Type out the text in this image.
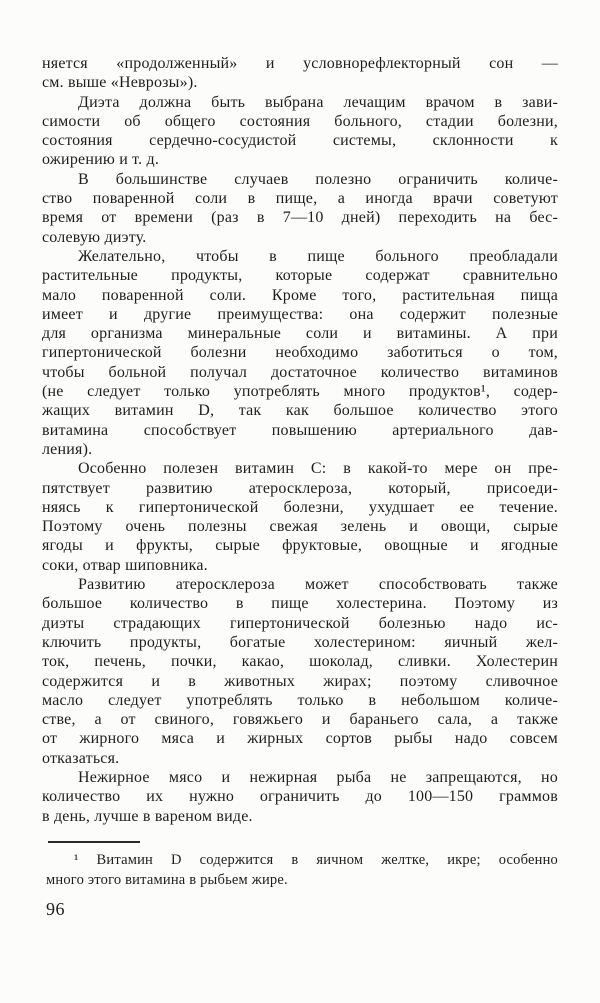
няется «продолженный» и условнорефлекторный сон —
см. выше «Неврозы»).
Диэта должна быть выбрана лечащим врачом в зави-
симости об общего состояния больного, стадии болезни,
состояния сердечно-сосудистой системы, склонности к
ожирению и т. д.
В большинстве случаев полезно ограничить количе-
ство поваренной соли в пище, а иногда врачи советуют
время от времени (раз в 7—10 дней) переходить на бес-
солевую диэту.
Желательно, чтобы в пище больного преобладали
растительные продукты, которые содержат сравнительно
мало поваренной соли. Кроме того, растительная пища
имеет и другие преимущества: она содержит полезные
для организма минеральные соли и витамины. А при
гипертонической болезни необходимо заботиться о том,
чтобы больной получал достаточное количество витаминов
(не следует только употреблять много продуктов¹, содер-
жащих витамин D, так как большое количество этого
витамина способствует повышению артериального дав-
ления).
Особенно полезен витамин C: в какой-то мере он пре-
пятствует развитию атеросклероза, который, присоеди-
няясь к гипертонической болезни, ухудшает ее течение.
Поэтому очень полезны свежая зелень и овощи, сырые
ягоды и фрукты, сырые фруктовые, овощные и ягодные
соки, отвар шиповника.
Развитию атеросклероза может способствовать также
большое количество в пище холестерина. Поэтому из
диэты страдающих гипертонической болезнью надо ис-
ключить продукты, богатые холестерином: яичный жел-
ток, печень, почки, какао, шоколад, сливки. Холестерин
содержится и в животных жирах; поэтому сливочное
масло следует употреблять только в небольшом количе-
стве, а от свиного, говяжьего и бараньего сала, а также
от жирного мяса и жирных сортов рыбы надо совсем
отказаться.
Нежирное мясо и нежирная рыба не запрещаются, но
количество их нужно ограничить до 100—150 граммов
в день, лучше в вареном виде.
¹ Витамин D содержится в яичном желтке, икре; особенно
много этого витамина в рыбьем жире.
96
